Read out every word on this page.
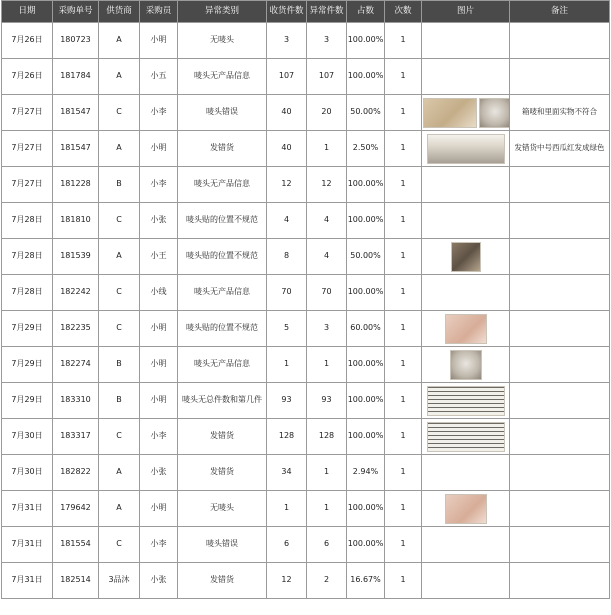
日期	采购单号	供货商	采购员	异常类别	收货件数	异常件数	占数	次数	图片	备注
7月26日	180723	A	小明	无唛头	3	3	100.00%	1		
7月26日	181784	A	小五	唛头无产品信息	107	107	100.00%	1		
7月27日	181547	C	小李	唛头错误	40	20	50.00%	1		箱唛和里面实物不符合
7月27日	181547	A	小明	发错货	40	1	2.50%	1		发错货中号西瓜红发成绿色
7月27日	181228	B	小李	唛头无产品信息	12	12	100.00%	1		
7月28日	181810	C	小张	唛头贴的位置不规范	4	4	100.00%	1		
7月28日	181539	A	小王	唛头贴的位置不规范	8	4	50.00%	1		
7月28日	182242	C	小线	唛头无产品信息	70	70	100.00%	1		
7月29日	182235	C	小明	唛头贴的位置不规范	5	3	60.00%	1		
7月29日	182274	B	小明	唛头无产品信息	1	1	100.00%	1		
7月29日	183310	B	小明	唛头无总件数和第几件	93	93	100.00%	1		
7月30日	183317	C	小李	发错货	128	128	100.00%	1		
7月30日	182822	A	小张	发错货	34	1	2.94%	1		
7月31日	179642	A	小明	无唛头	1	1	100.00%	1		
7月31日	181554	C	小李	唛头错误	6	6	100.00%	1		
7月31日	182514	3品沐	小张	发错货	12	2	16.67%	1		
